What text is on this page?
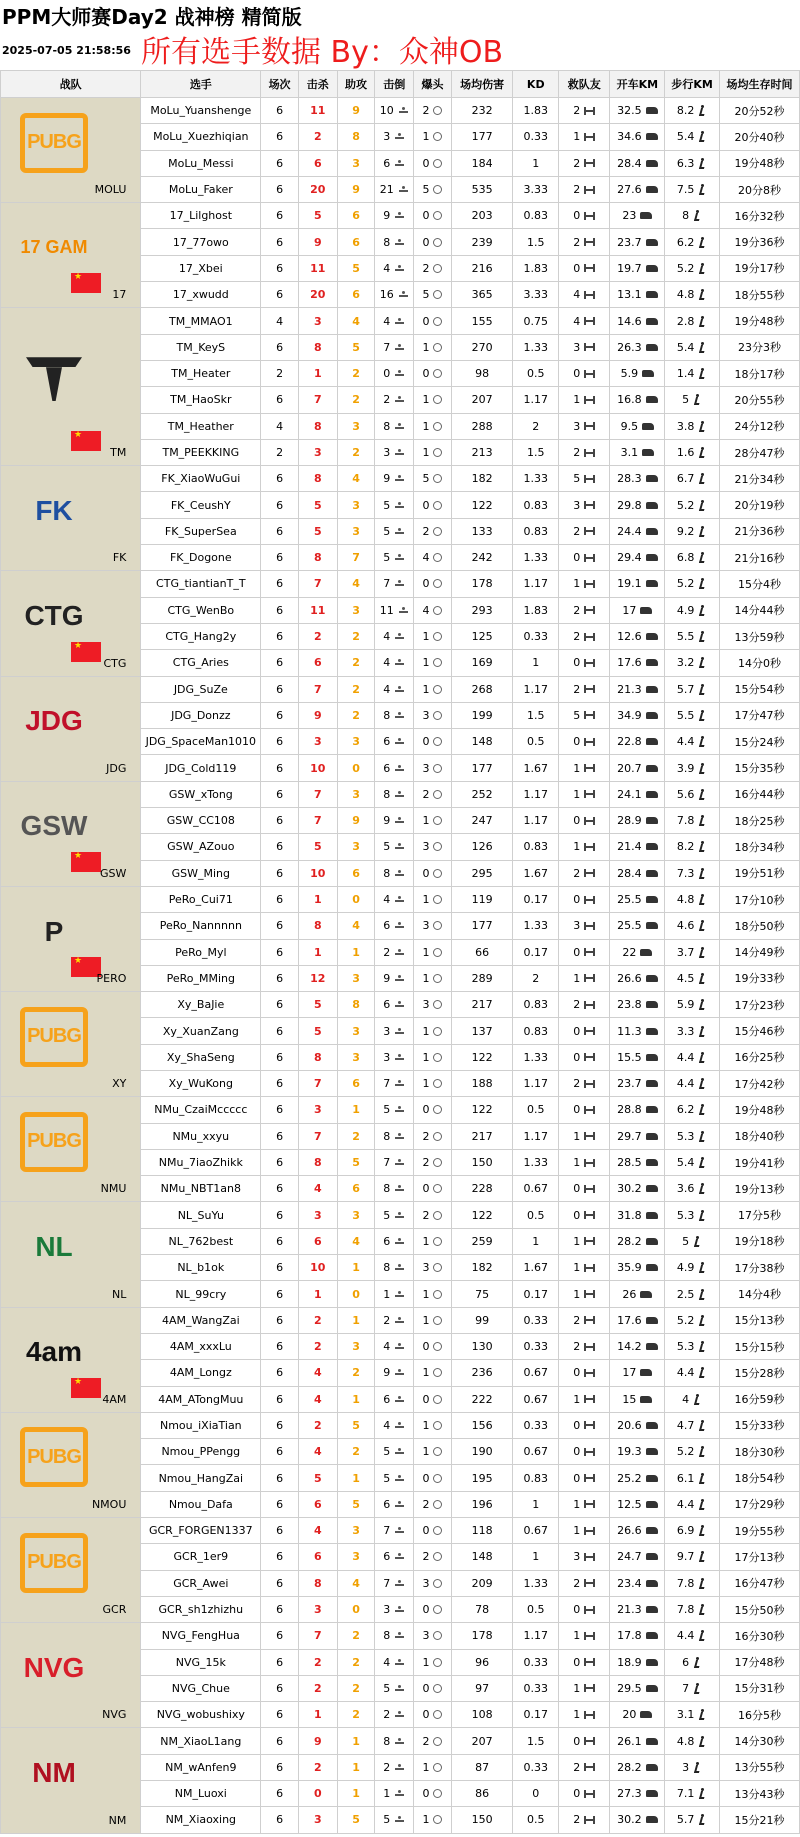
PPM大师赛Day2 战神榜 精简版
2025-07-05 21:58:56 所有选手数据 By：众神OB
战队	选手	场次	击杀	助攻	击倒	爆头	场均伤害	KD	救队友	开车KM	步行KM	场均生存时间

PUBG
MOLU	MoLu_Yuanshenge	6	11	9	10	2	232	1.83	2	32.5	8.2	20分52秒
	MoLu_Xuezhiqian	6	2	8	3	1	177	0.33	1	34.6	5.4	20分40秒
	MoLu_Messi	6	6	3	6	0	184	1	2	28.4	6.3	19分48秒
	MoLu_Faker	6	20	9	21	5	535	3.33	2	27.6	7.5	20分8秒

17 GAM
★
17	17_Lilghost	6	5	6	9	0	203	0.83	0	23	8	16分32秒
	17_77owo	6	9	6	8	0	239	1.5	2	23.7	6.2	19分36秒
	17_Xbei	6	11	5	4	2	216	1.83	0	19.7	5.2	19分17秒
	17_xwudd	6	20	6	16	5	365	3.33	4	13.1	4.8	18分55秒

★
TM	TM_MMAO1	4	3	4	4	0	155	0.75	4	14.6	2.8	19分48秒
	TM_KeyS	6	8	5	7	1	270	1.33	3	26.3	5.4	23分3秒
	TM_Heater	2	1	2	0	0	98	0.5	0	5.9	1.4	18分17秒
	TM_HaoSkr	6	7	2	2	1	207	1.17	1	16.8	5	20分55秒
	TM_Heather	4	8	3	8	1	288	2	3	9.5	3.8	24分12秒
	TM_PEEKKING	2	3	2	3	1	213	1.5	2	3.1	1.6	28分47秒

FK
FK	FK_XiaoWuGui	6	8	4	9	5	182	1.33	5	28.3	6.7	21分34秒
	FK_CeushY	6	5	3	5	0	122	0.83	3	29.8	5.2	20分19秒
	FK_SuperSea	6	5	3	5	2	133	0.83	2	24.4	9.2	21分36秒
	FK_Dogone	6	8	7	5	4	242	1.33	0	29.4	6.8	21分16秒

CTG
★
CTG	CTG_tiantianT_T	6	7	4	7	0	178	1.17	1	19.1	5.2	15分4秒
	CTG_WenBo	6	11	3	11	4	293	1.83	2	17	4.9	14分44秒
	CTG_Hang2y	6	2	2	4	1	125	0.33	2	12.6	5.5	13分59秒
	CTG_Aries	6	6	2	4	1	169	1	0	17.6	3.2	14分0秒

JDG
JDG	JDG_SuZe	6	7	2	4	1	268	1.17	2	21.3	5.7	15分54秒
	JDG_Donzz	6	9	2	8	3	199	1.5	5	34.9	5.5	17分47秒
	JDG_SpaceMan1010	6	3	3	6	0	148	0.5	0	22.8	4.4	15分24秒
	JDG_Cold119	6	10	0	6	3	177	1.67	1	20.7	3.9	15分35秒

GSW
★
GSW	GSW_xTong	6	7	3	8	2	252	1.17	1	24.1	5.6	16分44秒
	GSW_CC108	6	7	9	9	1	247	1.17	0	28.9	7.8	18分25秒
	GSW_AZouo	6	5	3	5	3	126	0.83	1	21.4	8.2	18分34秒
	GSW_Ming	6	10	6	8	0	295	1.67	2	28.4	7.3	19分51秒

P
★
PERO	PeRo_Cui71	6	1	0	4	1	119	0.17	0	25.5	4.8	17分10秒
	PeRo_Nannnnn	6	8	4	6	3	177	1.33	3	25.5	4.6	18分50秒
	PeRo_Myl	6	1	1	2	1	66	0.17	0	22	3.7	14分49秒
	PeRo_MMing	6	12	3	9	1	289	2	1	26.6	4.5	19分33秒

PUBG
XY	Xy_BaJie	6	5	8	6	3	217	0.83	2	23.8	5.9	17分23秒
	Xy_XuanZang	6	5	3	3	1	137	0.83	0	11.3	3.3	15分46秒
	Xy_ShaSeng	6	8	3	3	1	122	1.33	0	15.5	4.4	16分25秒
	Xy_WuKong	6	7	6	7	1	188	1.17	2	23.7	4.4	17分42秒

PUBG
NMU	NMu_CzaiMccccc	6	3	1	5	0	122	0.5	0	28.8	6.2	19分48秒
	NMu_xxyu	6	7	2	8	2	217	1.17	1	29.7	5.3	18分40秒
	NMu_7iaoZhikk	6	8	5	7	2	150	1.33	1	28.5	5.4	19分41秒
	NMu_NBT1an8	6	4	6	8	0	228	0.67	0	30.2	3.6	19分13秒

NL
NL	NL_SuYu	6	3	3	5	2	122	0.5	0	31.8	5.3	17分5秒
	NL_762best	6	6	4	6	1	259	1	1	28.2	5	19分18秒
	NL_b1ok	6	10	1	8	3	182	1.67	1	35.9	4.9	17分38秒
	NL_99cry	6	1	0	1	1	75	0.17	1	26	2.5	14分4秒

4am
★
4AM	4AM_WangZai	6	2	1	2	1	99	0.33	2	17.6	5.2	15分13秒
	4AM_xxxLu	6	2	3	4	0	130	0.33	2	14.2	5.3	15分15秒
	4AM_Longz	6	4	2	9	1	236	0.67	0	17	4.4	15分28秒
	4AM_ATongMuu	6	4	1	6	0	222	0.67	1	15	4	16分59秒

PUBG
NMOU	Nmou_iXiaTian	6	2	5	4	1	156	0.33	0	20.6	4.7	15分33秒
	Nmou_PPengg	6	4	2	5	1	190	0.67	0	19.3	5.2	18分30秒
	Nmou_HangZai	6	5	1	5	0	195	0.83	0	25.2	6.1	18分54秒
	Nmou_Dafa	6	6	5	6	2	196	1	1	12.5	4.4	17分29秒

PUBG
GCR	GCR_FORGEN1337	6	4	3	7	0	118	0.67	1	26.6	6.9	19分55秒
	GCR_1er9	6	6	3	6	2	148	1	3	24.7	9.7	17分13秒
	GCR_Awei	6	8	4	7	3	209	1.33	2	23.4	7.8	16分47秒
	GCR_sh1zhizhu	6	3	0	3	0	78	0.5	0	21.3	7.8	15分50秒

NVG
NVG	NVG_FengHua	6	7	2	8	3	178	1.17	1	17.8	4.4	16分30秒
	NVG_15k	6	2	2	4	1	96	0.33	0	18.9	6	17分48秒
	NVG_Chue	6	2	2	5	0	97	0.33	1	29.5	7	15分31秒
	NVG_wobushixy	6	1	2	2	0	108	0.17	1	20	3.1	16分5秒

NM
NM	NM_XiaoL1ang	6	9	1	8	2	207	1.5	0	26.1	4.8	14分30秒
	NM_wAnfen9	6	2	1	2	1	87	0.33	2	28.2	3	13分55秒
	NM_Luoxi	6	0	1	1	0	86	0	0	27.3	7.1	13分43秒
	NM_Xiaoxing	6	3	5	5	1	150	0.5	2	30.2	5.7	15分21秒
